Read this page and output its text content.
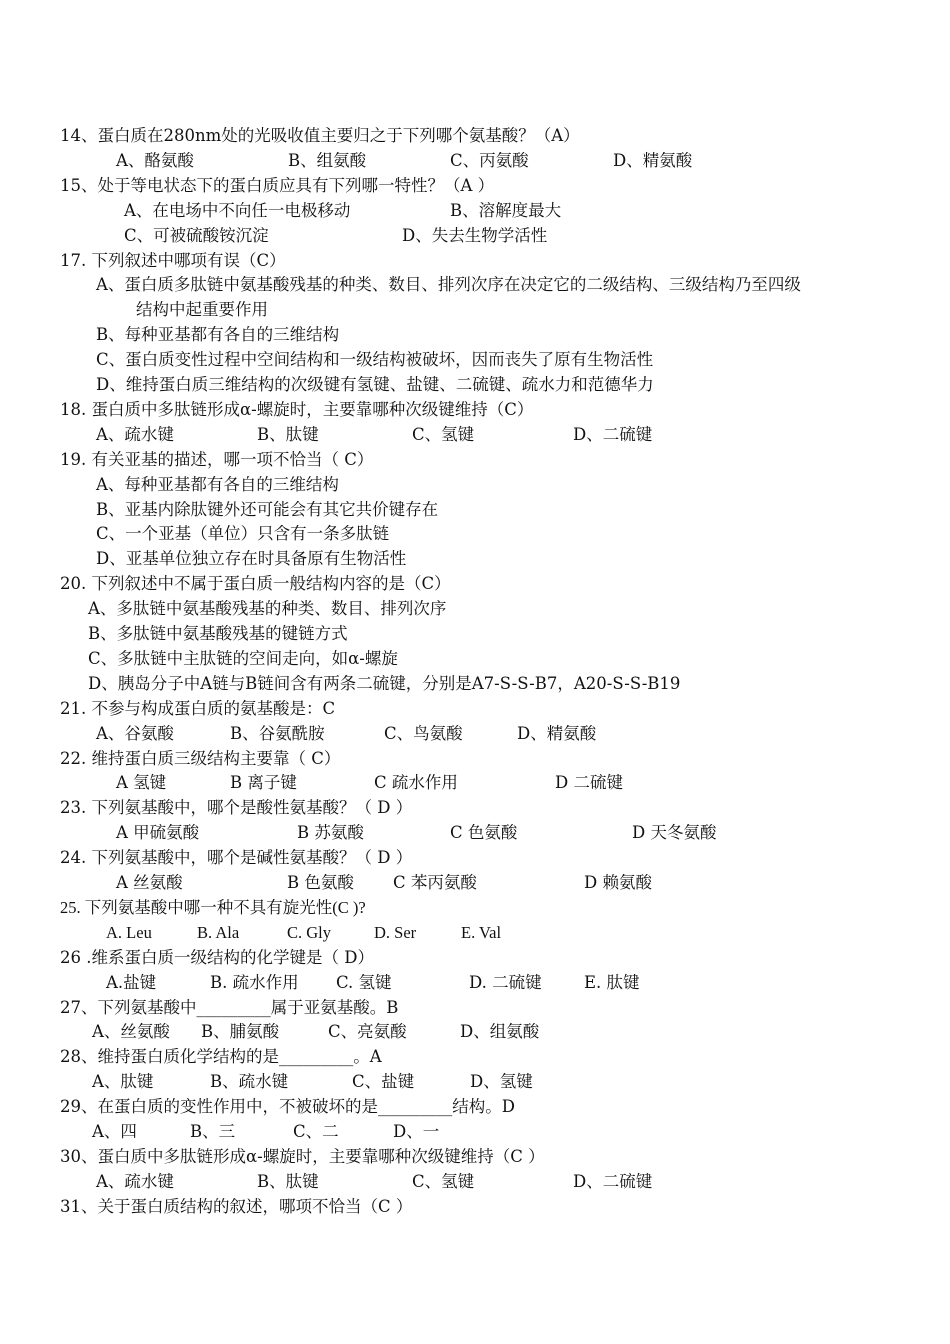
14、蛋白质在280nm处的光吸收值主要归之于下列哪个氨基酸？（A）
A、酪氨酸	B、组氨酸	C、丙氨酸	D、精氨酸
15、处于等电状态下的蛋白质应具有下列哪一特性？（A ）
A、在电场中不向任一电极移动	B、溶解度最大
C、可被硫酸铵沉淀	D、失去生物学活性
17. 下列叙述中哪项有误（C）
A、蛋白质多肽链中氨基酸残基的种类、数目、排列次序在决定它的二级结构、三级结构乃至四级
结构中起重要作用
B、每种亚基都有各自的三维结构
C、蛋白质变性过程中空间结构和一级结构被破坏，因而丧失了原有生物活性
D、维持蛋白质三维结构的次级键有氢键、盐键、二硫键、疏水力和范德华力
18. 蛋白质中多肽链形成α-螺旋时，主要靠哪种次级键维持（C）
A、疏水键	B、肽键	C、氢键	D、二硫键
19. 有关亚基的描述，哪一项不恰当（ C）
A、每种亚基都有各自的三维结构
B、亚基内除肽键外还可能会有其它共价键存在
C、一个亚基（单位）只含有一条多肽链
D、亚基单位独立存在时具备原有生物活性
20. 下列叙述中不属于蛋白质一般结构内容的是（C）
A、多肽链中氨基酸残基的种类、数目、排列次序
B、多肽链中氨基酸残基的键链方式
C、多肽链中主肽链的空间走向，如α-螺旋
D、胰岛分子中A链与B链间含有两条二硫键，分别是A7-S-S-B7，A20-S-S-B19
21. 不参与构成蛋白质的氨基酸是：C
A、谷氨酸	B、谷氨酰胺	C、鸟氨酸	D、精氨酸
22. 维持蛋白质三级结构主要靠（ C）
A 氢键	B 离子键	C 疏水作用	D 二硫键
23. 下列氨基酸中，哪个是酸性氨基酸？（ D ）
A 甲硫氨酸	B 苏氨酸	C 色氨酸	D 天冬氨酸
24. 下列氨基酸中，哪个是碱性氨基酸？（ D ）
A 丝氨酸	B 色氨酸 C 苯丙氨酸	D 赖氨酸
25. 下列氨基酸中哪一种不具有旋光性(C )?
A. Leu	B. Ala	C. Gly	D. Ser	E. Val
26 .维系蛋白质一级结构的化学键是（ D）
A.盐键	B. 疏水作用 C. 氢键	D. 二硫键	E. 肽键
27、下列氨基酸中_________属于亚氨基酸。B
A、丝氨酸 B、脯氨酸	C、亮氨酸	D、组氨酸
28、维持蛋白质化学结构的是_________。A
A、肽键	B、疏水键	C、盐键	D、氢键
29、在蛋白质的变性作用中，不被破坏的是_________结构。D
A、四	B、三	C、二	D、一
30、蛋白质中多肽链形成α-螺旋时，主要靠哪种次级键维持（C ）
A、疏水键	B、肽键	C、氢键	D、二硫键
31、关于蛋白质结构的叙述，哪项不恰当（C ）
